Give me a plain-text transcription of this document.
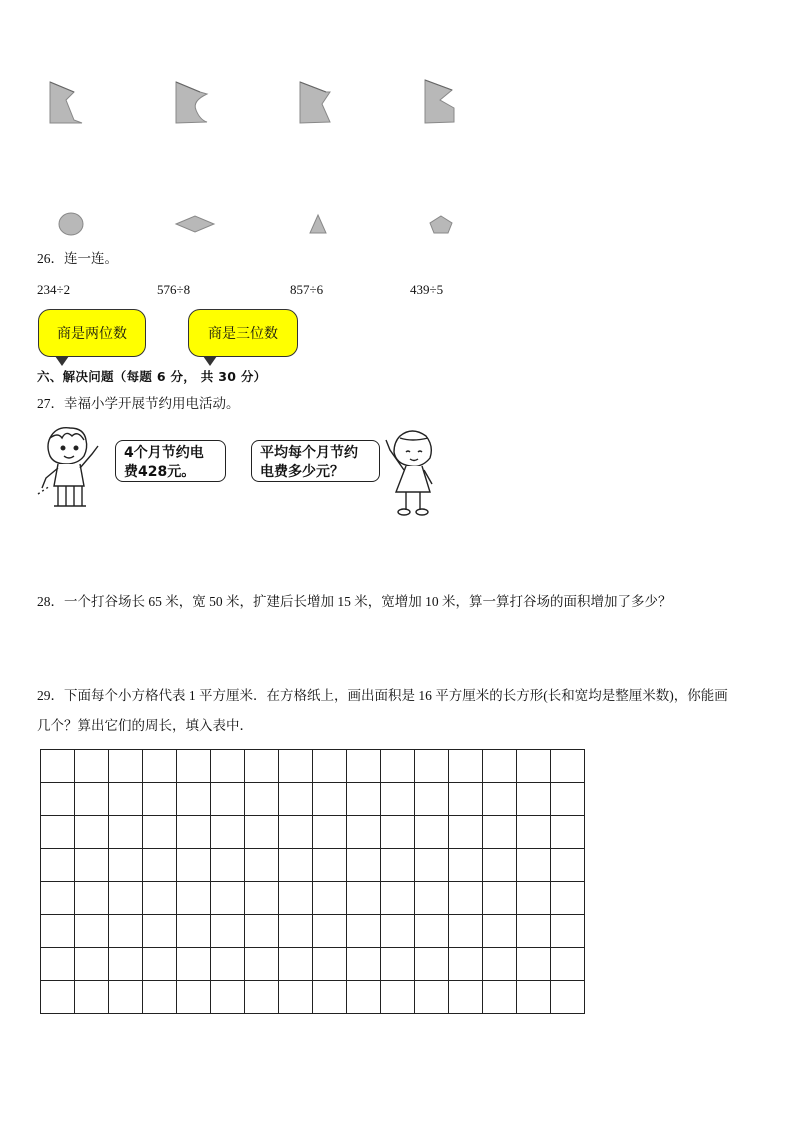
26．连一连。
234÷2	576÷8	857÷6	439÷5
商是两位数	商是三位数
六、解决问题（每题 6 分， 共 30 分）
27．幸福小学开展节约用电活动。
4个月节约电
费428元。
平均每个月节约
电费多少元？
28．一个打谷场长 65 米，宽 50 米，扩建后长增加 15 米，宽增加 10 米，算一算打谷场的面积增加了多少？
29．下面每个小方格代表 1 平方厘米．在方格纸上，画出面积是 16 平方厘米的长方形(长和宽均是整厘米数)，你能画
几个？算出它们的周长，填入表中．
